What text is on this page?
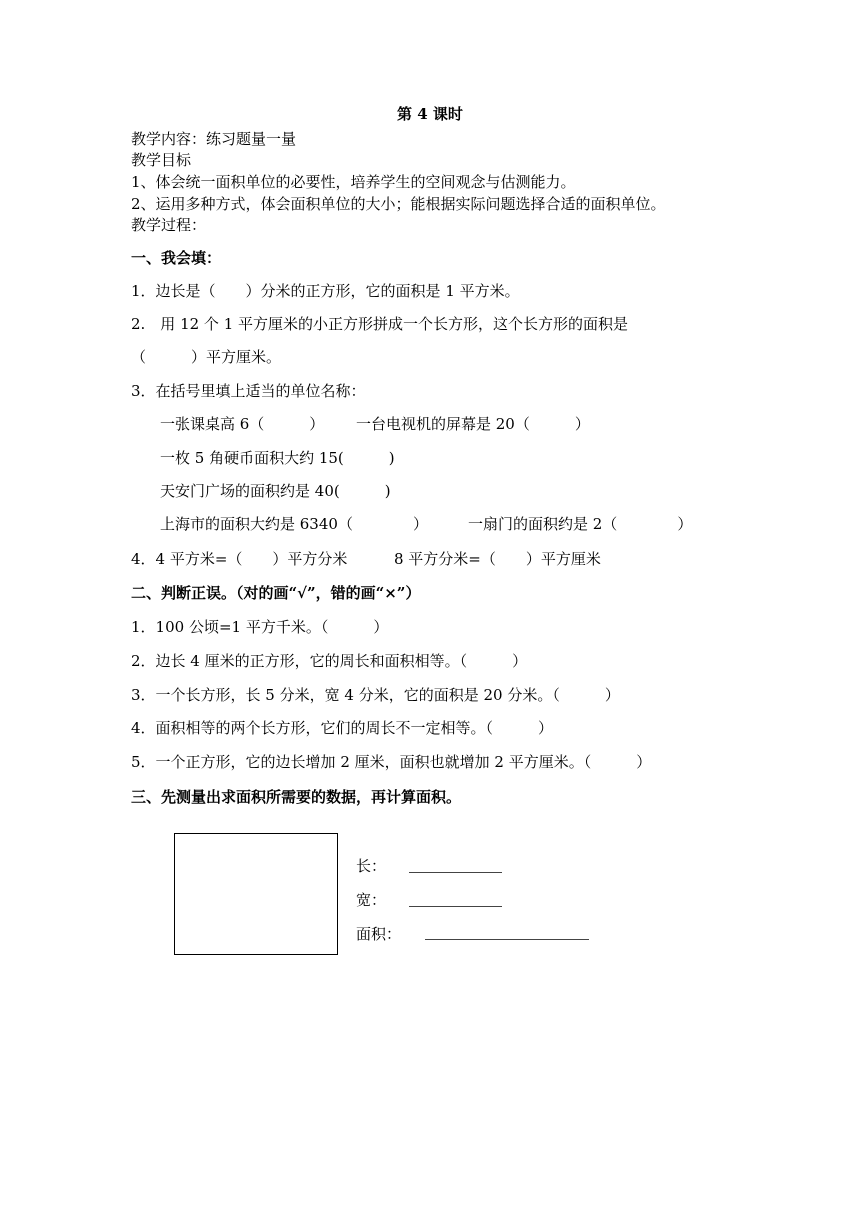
第 4 课时
教学内容：练习题量一量
教学目标
1、体会统一面积单位的必要性，培养学生的空间观念与估测能力。
2、运用多种方式，体会面积单位的大小；能根据实际问题选择合适的面积单位。
教学过程：
一、我会填：
1．边长是（　　）分米的正方形，它的面积是 1 平方米。
2.　用 12 个 1 平方厘米的小正方形拼成一个长方形，这个长方形的面积是
（　　　）平方厘米。
3．在括号里填上适当的单位名称：
一张课桌高 6（　　　） 一台电视机的屏幕是 20（　　　）
一枚 5 角硬币面积大约 15(　　　)
天安门广场的面积约是 40(　　　)
上海市的面积大约是 6340（　　　　）	一扇门的面积约是 2（　　　　）
4．4 平方米=（　　）平方分米	8 平方分米=（　　）平方厘米
二、判断正误。（对的画“√”，错的画“×”）
1．100 公顷=1 平方千米。（　　　）
2．边长 4 厘米的正方形，它的周长和面积相等。（　　　）
3．一个长方形，长 5 分米，宽 4 分米，它的面积是 20 分米。（　　　）
4．面积相等的两个长方形，它们的周长不一定相等。（　　　）
5．一个正方形，它的边长增加 2 厘米，面积也就增加 2 平方厘米。（　　　）
三、先测量出求面积所需要的数据，再计算面积。
长：
宽：
面积：
